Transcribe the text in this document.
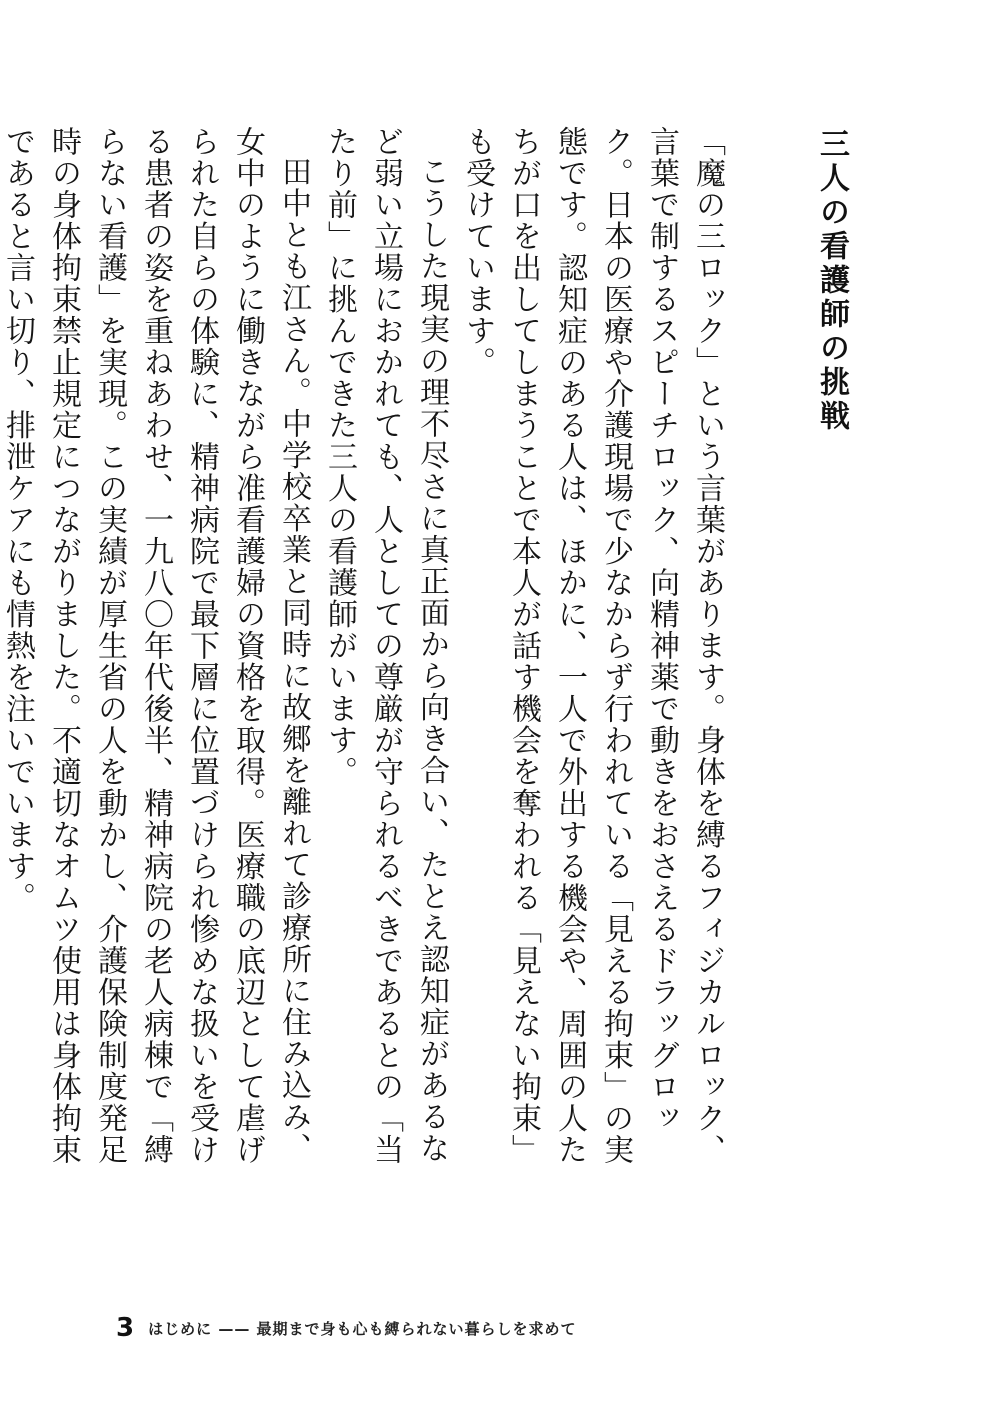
三人の看護師の挑戦

「魔の三ロック」という言葉があります。身体を縛るフィジカルロック、言葉で制するスピーチロック、向精神薬で動きをおさえるドラッグロック。日本の医療や介護現場で少なからず行われている「見える拘束」の実態です。認知症のある人は、ほかに、一人で外出する機会や、周囲の人たちが口を出してしまうことで本人が話す機会を奪われる「見えない拘束」も受けています。

こうした現実の理不尽さに真正面から向き合い、たとえ認知症があるなど弱い立場におかれても、人としての尊厳が守られるべきであるとの「当たり前」に挑んできた三人の看護師がいます。

田中とも江さん。中学校卒業と同時に故郷を離れて診療所に住み込み、女中のように働きながら准看護婦の資格を取得。医療職の底辺として虐げられた自らの体験に、精神病院で最下層に位置づけられ惨めな扱いを受ける患者の姿を重ねあわせ、一九八〇年代後半、精神病院の老人病棟で「縛らない看護」を実現。この実績が厚生省の人を動かし、介護保険制度発足時の身体拘束禁止規定につながりました。不適切なオムツ使用は身体拘束であると言い切り、排泄ケアにも情熱を注いでいます。

3 はじめに —— 最期まで身も心も縛られない暮らしを求めて
